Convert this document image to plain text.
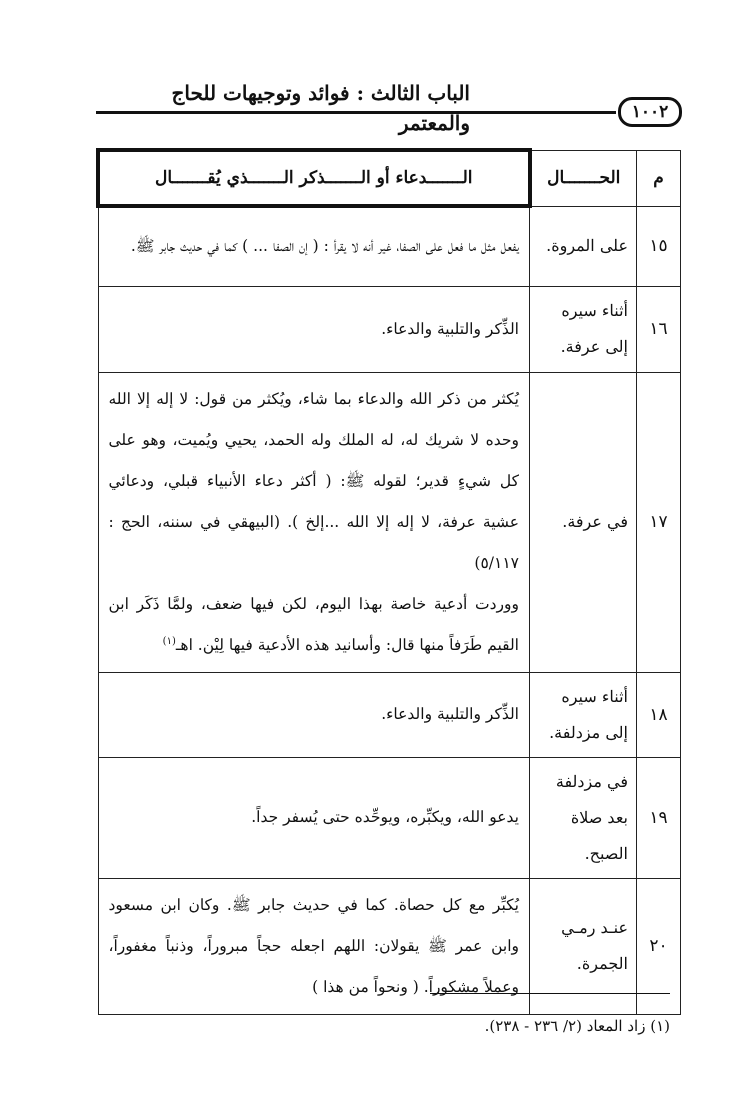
الباب الثالث : فوائد وتوجيهات للحاج والمعتمر	١٠٠٢
م	الحـــــــال	الـــــــدعاء أو الـــــــذكر الـــــــذي يُقـــــــال
١٥	على المروة.	يفعل مثل ما فعل على الصفا، غير أنه لا يقرأ : ( إن الصفا ... ) كما في حديث جابر ﷺ.

١٦	أثناء سيره إلى عرفة.	الذِّكر والتلبية والدعاء.

١٧	في عرفة.	يُكثر من ذكر الله والدعاء بما شاء، ويُكثر من قول: لا إله إلا الله وحده لا شريك له، له الملك وله الحمد، يحيي ويُميت، وهو على كل شيءٍ قدير؛ لقوله ﷺ: ( أكثر دعاء الأنبياء قبلي، ودعائي عشية عرفة، لا إله إلا الله ...إلخ ). (البيهقي في سننه، الحج : ٥/١١٧)

ووردت أدعية خاصة بهذا اليوم، لكن فيها ضعف، ولمَّا ذَكَر ابن القيم طَرَفاً منها قال: وأسانيد هذه الأدعية فيها لِيْن. اهـ$^{(١)}$

١٨	أثناء سيره إلى مزدلفة.	الذِّكر والتلبية والدعاء.

١٩	في مزدلفة بعد صلاة الصبح.	يدعو الله، ويكبِّره، ويوحِّده حتى يُسفر جداً.

٢٠	عنـد رمـي الجمرة.	يُكبِّر مع كل حصاة. كما في حديث جابر ﷺ. وكان ابن مسعود وابن عمر ﷺ يقولان: اللهم اجعله حجاً مبروراً، وذنباً مغفوراً، وعملاً مشكوراً. ( ونحواً من هذا )

(١) زاد المعاد (٢/ ٢٣٦ - ٢٣٨).
